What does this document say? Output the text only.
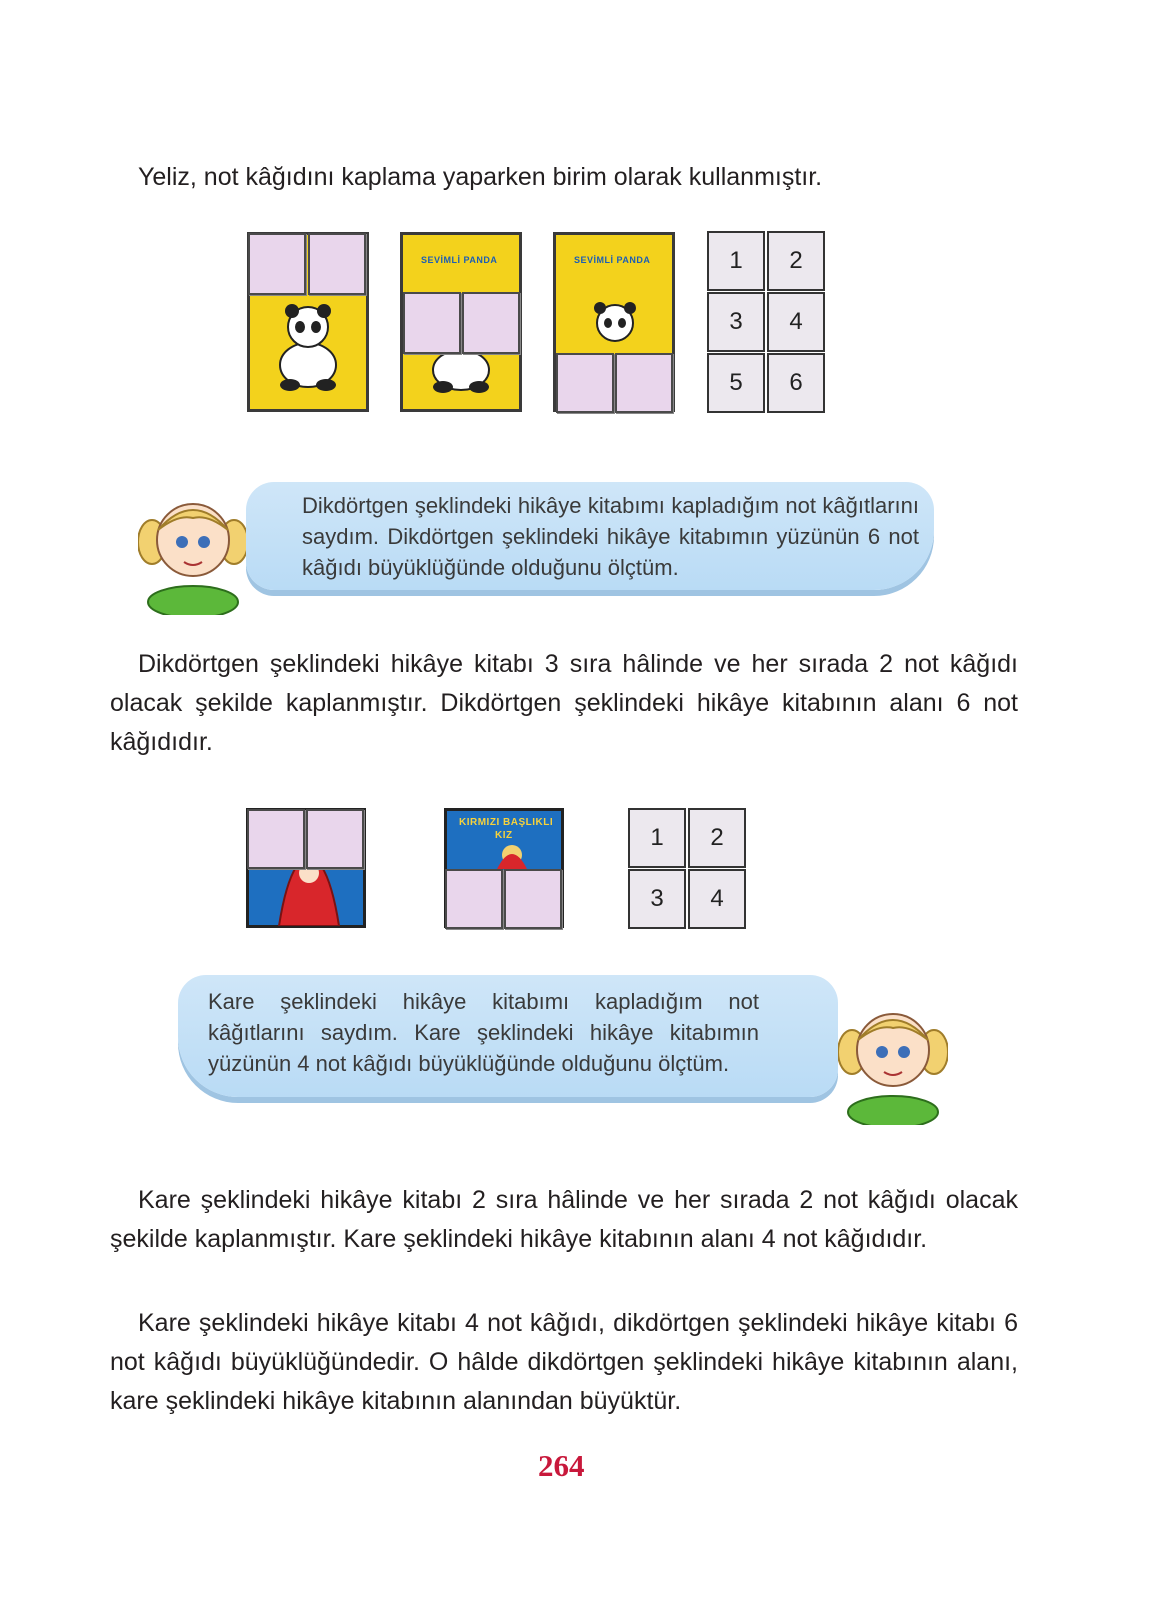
Yeliz, not kâğıdını kaplama yaparken birim olarak kullanmıştır.
SEVİMLİ PANDA	SEVİMLİ PANDA	1	2
3	4
5	6
Dikdörtgen şeklindeki hikâye kitabımı kapladığım not kâğıtlarını saydım. Dikdörtgen şeklindeki hikâye kitabımın yüzünün 6 not kâğıdı büyüklüğünde olduğunu ölçtüm.
Dikdörtgen şeklindeki hikâye kitabı 3 sıra hâlinde ve her sırada 2 not kâğıdı olacak şekilde kaplanmıştır. Dikdörtgen şeklindeki hikâye kitabının alanı 6 not kâğıdıdır.
KIRMIZI BAŞLIKLI
KIZ	1	2
3	4
Kare şeklindeki hikâye kitabımı kapladığım not kâğıtlarını saydım. Kare şeklindeki hikâye kitabımın yüzünün 4 not kâğıdı büyüklüğünde olduğunu ölçtüm.
Kare şeklindeki hikâye kitabı 2 sıra hâlinde ve her sırada 2 not kâğıdı olacak şekilde kaplanmıştır. Kare şeklindeki hikâye kitabının alanı 4 not kâğıdıdır.
Kare şeklindeki hikâye kitabı 4 not kâğıdı, dikdörtgen şeklindeki hikâye kitabı 6 not kâğıdı büyüklüğündedir. O hâlde dikdörtgen şeklindeki hikâye kitabının alanı, kare şeklindeki hikâye kitabının alanından büyüktür.
264
